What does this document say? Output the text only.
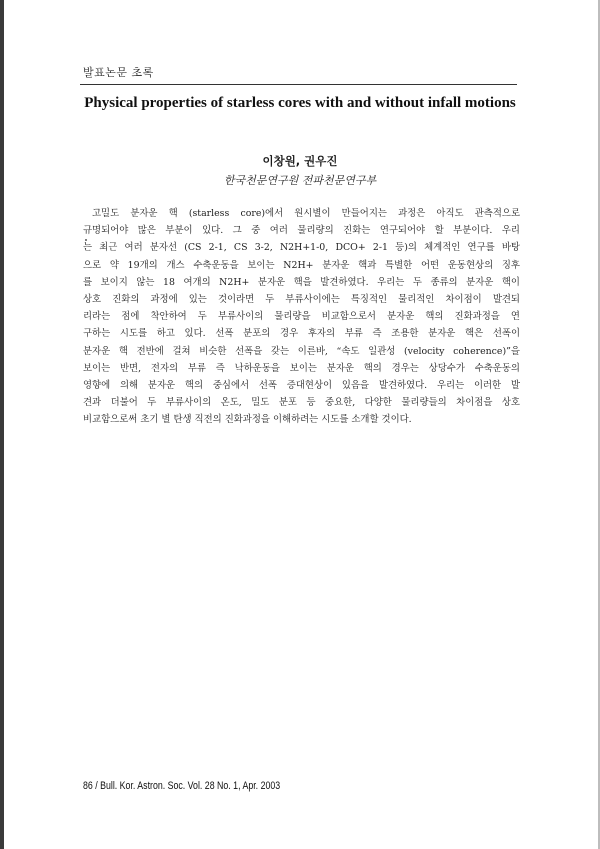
발표논문 초록
Physical properties of starless cores with and without infall motions
이창원, 권우진
한국천문연구원 전파천문연구부
고밀도 분자운 핵 (starless core)에서 원시별이 만들어지는 과정은 아직도 관측적으로
규명되어야 많은 부분이 있다. 그 중 여러 물리량의 진화는 연구되어야 할 부분이다. 우리
는 최근 여러 분자선 (CS 2-1, CS 3-2, N2H+1-0, DCO+ 2-1 등)의 체계적인 연구를 바탕
으로 약 19개의 개스 수축운동을 보이는 N2H+ 분자운 핵과 특별한 어떤 운동현상의 징후
를 보이지 않는 18 여개의 N2H+ 분자운 핵을 발견하였다. 우리는 두 종류의 분자운 핵이
상호 진화의 과정에 있는 것이라면 두 부류사이에는 특징적인 물리적인 차이점이 발견되
리라는 점에 착안하여 두 부류사이의 물리량을 비교함으로서 분자운 핵의 진화과정을 연
구하는 시도를 하고 있다. 선폭 분포의 경우 후자의 부류 즉 조용한 분자운 핵은 선폭이
분자운 핵 전반에 걸쳐 비슷한 선폭을 갖는 이른바, “속도 일관성 (velocity coherence)”을
보이는 반면, 전자의 부류 즉 낙하운동을 보이는 분자운 핵의 경우는 상당수가 수축운동의
영향에 의해 분자운 핵의 중심에서 선폭 증대현상이 있음을 발견하였다. 우리는 이러한 발
견과 더불어 두 부류사이의 온도, 밀도 분포 등 중요한, 다양한 물리량들의 차이점을 상호
비교함으로써 초기 별 탄생 직전의 진화과정을 이해하려는 시도를 소개할 것이다.
86 / Bull. Kor. Astron. Soc. Vol. 28 No. 1, Apr. 2003
